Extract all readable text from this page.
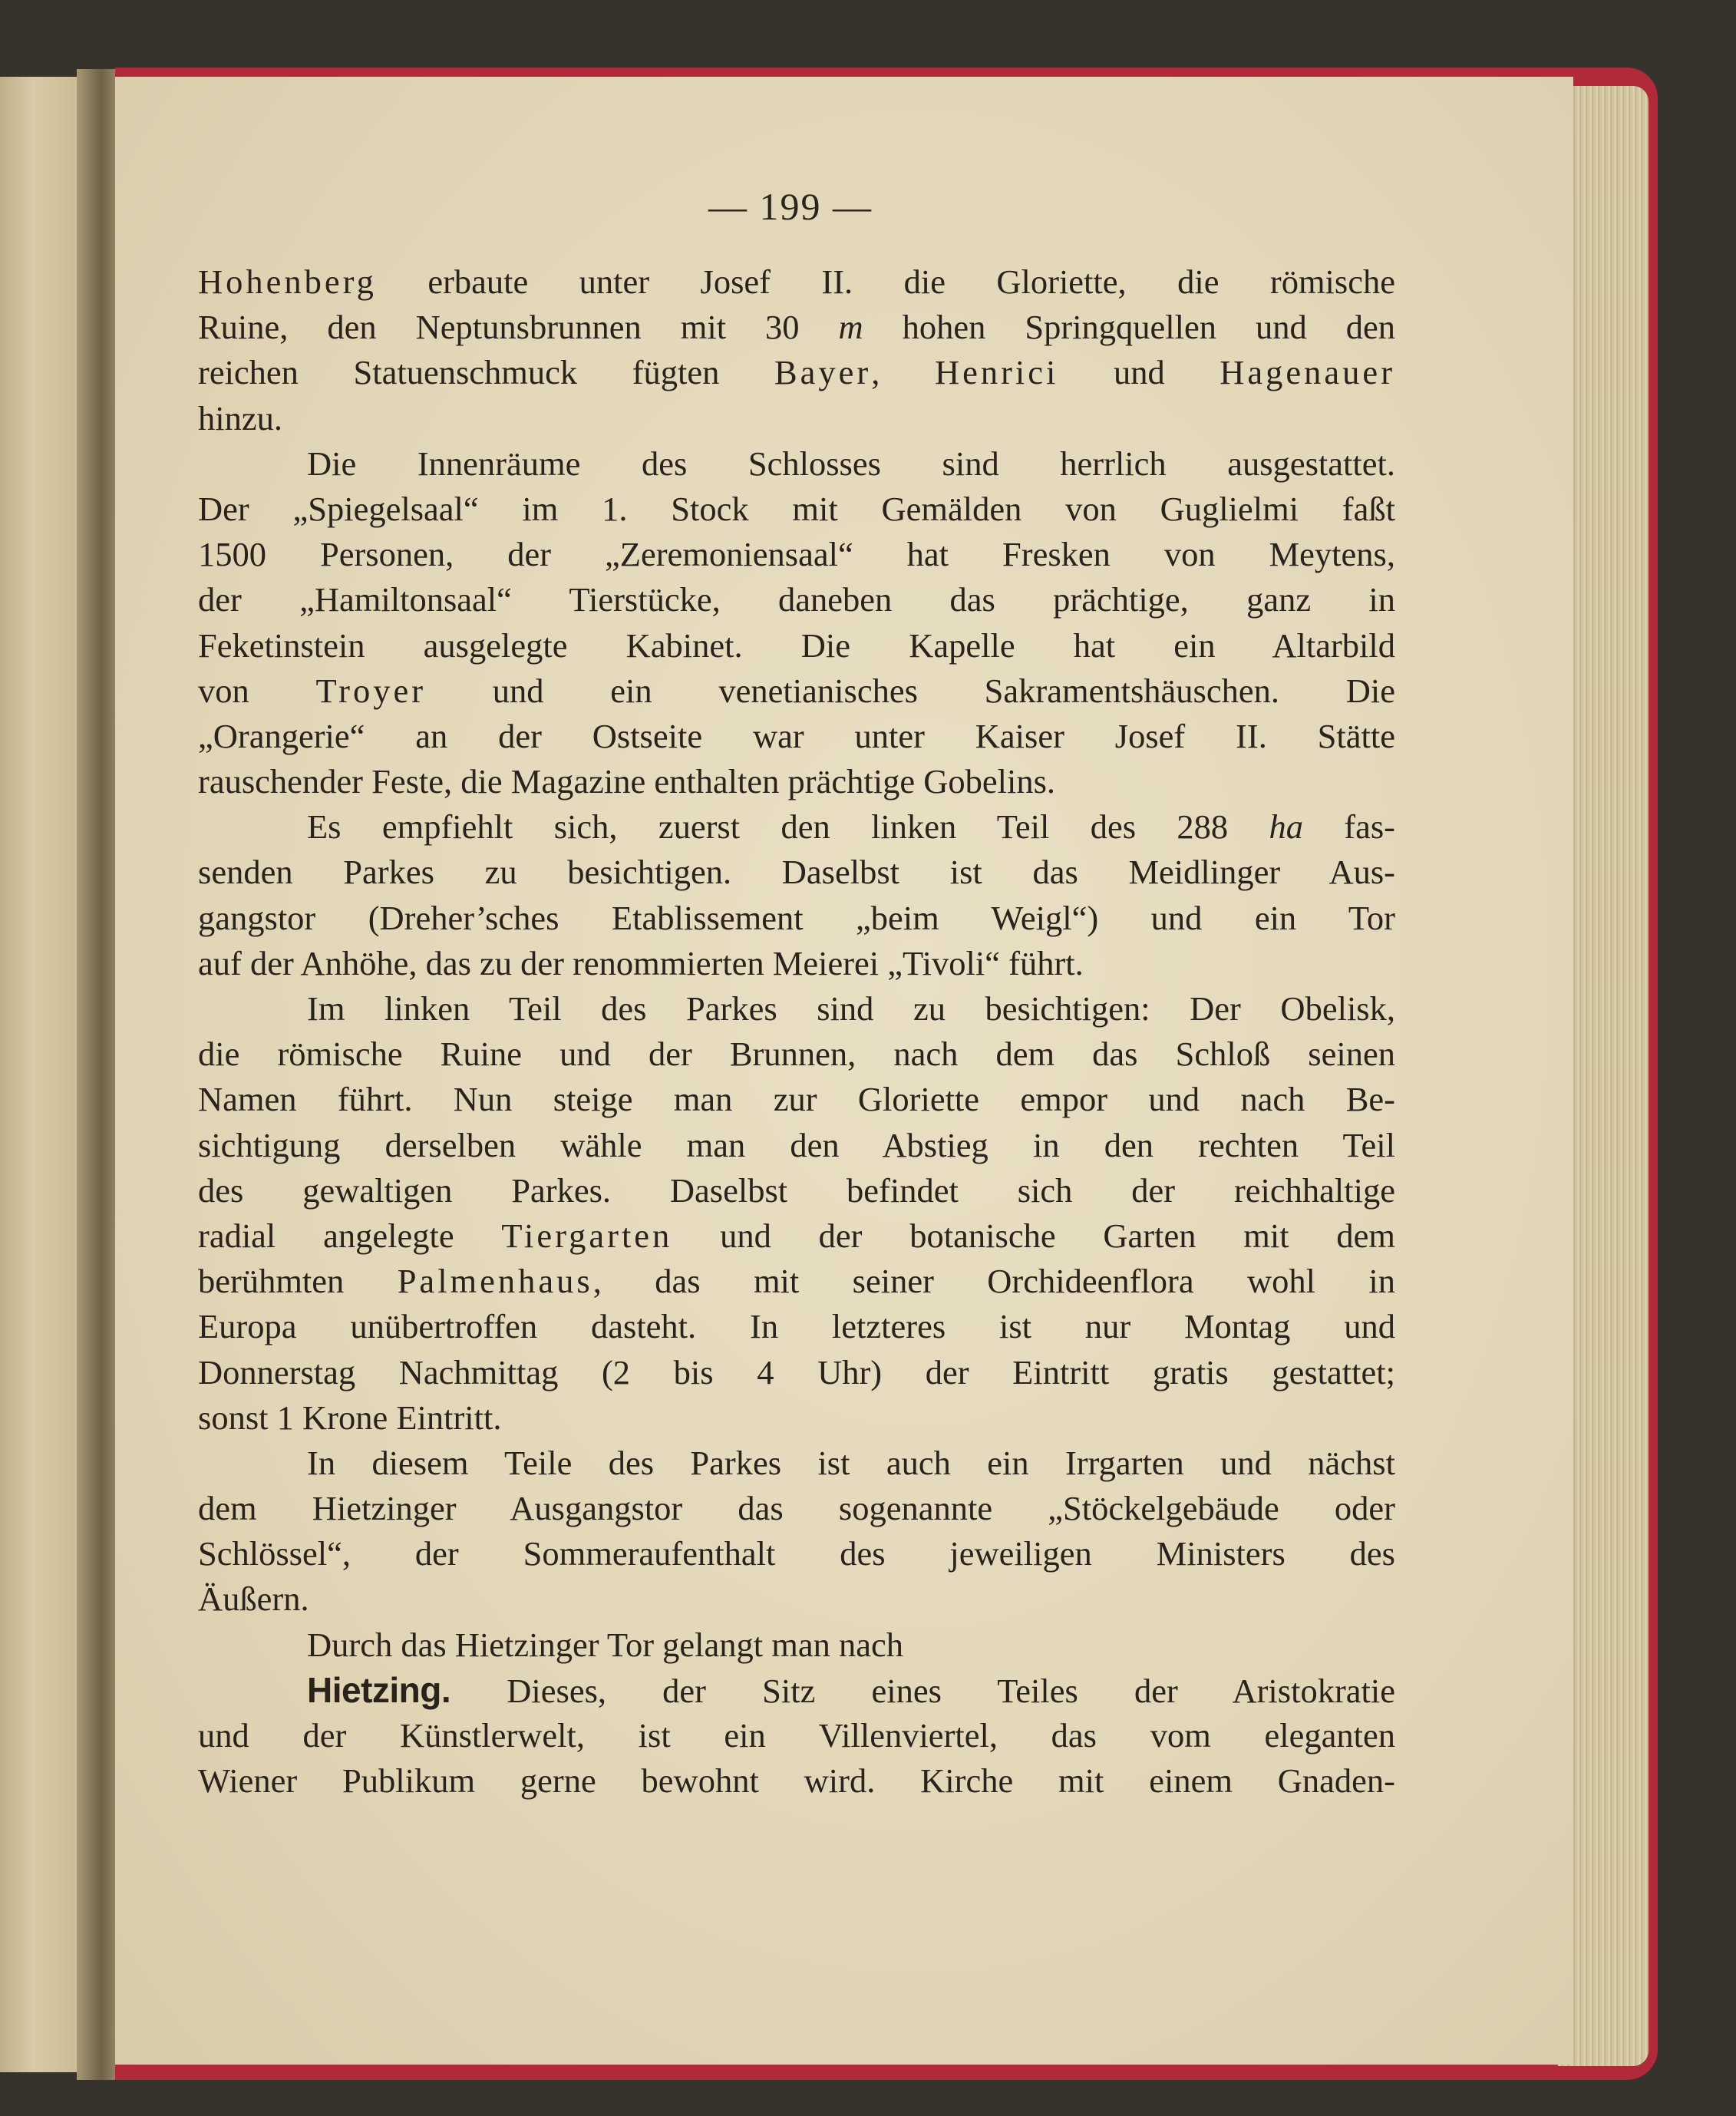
— 199 —
Hohenberg erbaute unter Josef II. die Gloriette, die römische
Ruine, den Neptunsbrunnen mit 30 m hohen Springquellen und den
reichen Statuenschmuck fügten Bayer, Henrici und Hagenauer
hinzu.
Die Innenräume des Schlosses sind herrlich ausgestattet.
Der „Spiegelsaal“ im 1. Stock mit Gemälden von Guglielmi faßt
1500 Personen, der „Zeremoniensaal“ hat Fresken von Meytens,
der „Hamiltonsaal“ Tierstücke, daneben das prächtige, ganz in
Feketinstein ausgelegte Kabinet. Die Kapelle hat ein Altarbild
von Troyer und ein venetianisches Sakramentshäuschen. Die
„Orangerie“ an der Ostseite war unter Kaiser Josef II. Stätte
rauschender Feste, die Magazine enthalten prächtige Gobelins.
Es empfiehlt sich, zuerst den linken Teil des 288 ha fas-
senden Parkes zu besichtigen. Daselbst ist das Meidlinger Aus-
gangstor (Dreher’sches Etablissement „beim Weigl“) und ein Tor
auf der Anhöhe, das zu der renommierten Meierei „Tivoli“ führt.
Im linken Teil des Parkes sind zu besichtigen: Der Obelisk,
die römische Ruine und der Brunnen, nach dem das Schloß seinen
Namen führt. Nun steige man zur Gloriette empor und nach Be-
sichtigung derselben wähle man den Abstieg in den rechten Teil
des gewaltigen Parkes. Daselbst befindet sich der reichhaltige
radial angelegte Tiergarten und der botanische Garten mit dem
berühmten Palmenhaus, das mit seiner Orchideenflora wohl in
Europa unübertroffen dasteht. In letzteres ist nur Montag und
Donnerstag Nachmittag (2 bis 4 Uhr) der Eintritt gratis gestattet;
sonst 1 Krone Eintritt.
In diesem Teile des Parkes ist auch ein Irrgarten und nächst
dem Hietzinger Ausgangstor das sogenannte „Stöckelgebäude oder
Schlössel“, der Sommeraufenthalt des jeweiligen Ministers des
Äußern.
Durch das Hietzinger Tor gelangt man nach
Hietzing. Dieses, der Sitz eines Teiles der Aristokratie
und der Künstlerwelt, ist ein Villenviertel, das vom eleganten
Wiener Publikum gerne bewohnt wird. Kirche mit einem Gnaden-
